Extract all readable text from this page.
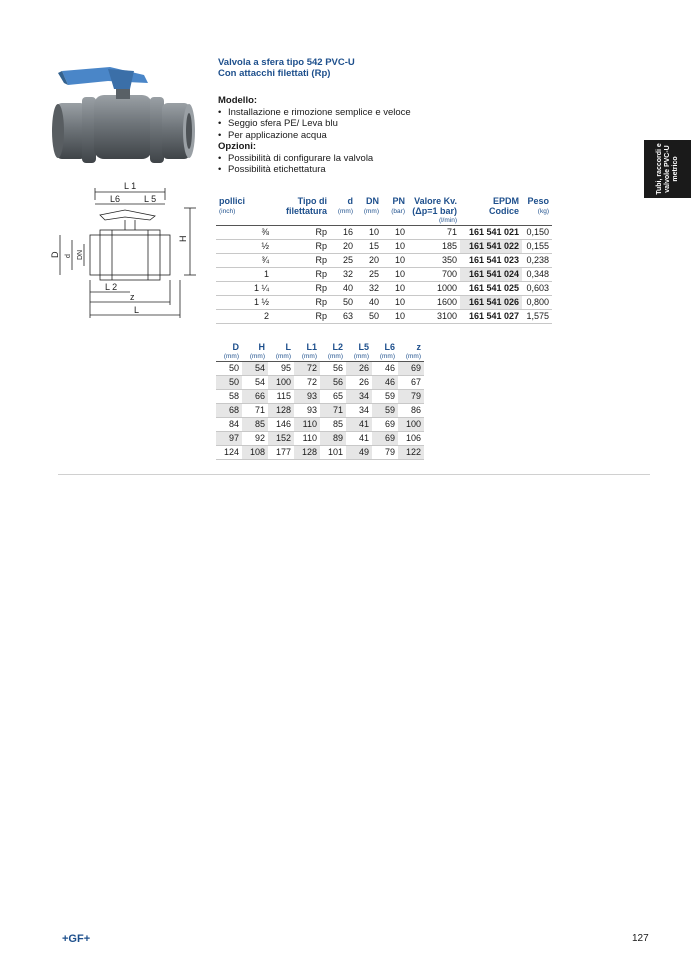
L 1
L6	L 5
H
D d DN
L 2
z
L
Valvola a sfera tipo 542 PVC-U
Con attacchi filettati (Rp)
Modello:
• Installazione e rimozione semplice e veloce
• Seggio sfera PE/ Leva blu
• Per applicazione acqua
Opzioni:
• Possibilità di configurare la valvola
• Possibilità etichettatura	Tubi, raccordi e valvole PVC-U metrico
pollici	Tipo di	d	DN	PN	Valore Kv.	EPDM	Peso
(inch)	filettatura	(mm)	(mm)	(bar)	(Δp=1 bar)	Codice	(kg)
					(l/min)		
⅜	Rp	16	10	10	71	161 541 021	0,150
½	Rp	20	15	10	185	161 541 022	0,155
¾	Rp	25	20	10	350	161 541 023	0,238
1	Rp	32	25	10	700	161 541 024	0,348
1 ¼	Rp	40	32	10	1000	161 541 025	0,603
1 ½	Rp	50	40	10	1600	161 541 026	0,800
2	Rp	63	50	10	3100	161 541 027	1,575
D	H	L	L1	L2	L5	L6	z
(mm)	(mm)	(mm)	(mm)	(mm)	(mm)	(mm)	(mm)
50	54	95	72	56	26	46	69
50	54	100	72	56	26	46	67
58	66	115	93	65	34	59	79
68	71	128	93	71	34	59	86
84	85	146	110	85	41	69	100
97	92	152	110	89	41	69	106
124	108	177	128	101	49	79	122
+GF+	127
